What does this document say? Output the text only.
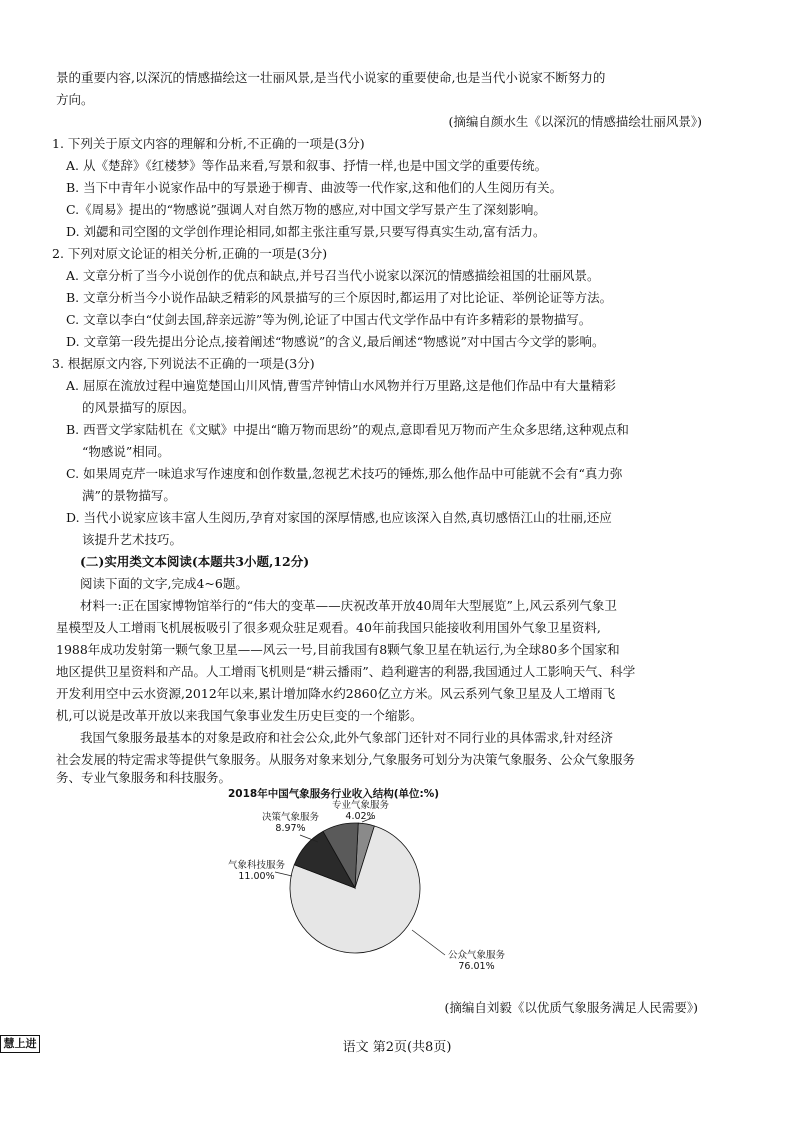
景的重要内容,以深沉的情感描绘这一壮丽风景,是当代小说家的重要使命,也是当代小说家不断努力的
方向。
(摘编自颜水生《以深沉的情感描绘壮丽风景》)
1. 下列关于原文内容的理解和分析,不正确的一项是(3分)
A. 从《楚辞》《红楼梦》等作品来看,写景和叙事、抒情一样,也是中国文学的重要传统。
B. 当下中青年小说家作品中的写景逊于柳青、曲波等一代作家,这和他们的人生阅历有关。
C.《周易》提出的“物感说”强调人对自然万物的感应,对中国文学写景产生了深刻影响。
D. 刘勰和司空图的文学创作理论相同,如都主张注重写景,只要写得真实生动,富有活力。
2. 下列对原文论证的相关分析,正确的一项是(3分)
A. 文章分析了当今小说创作的优点和缺点,并号召当代小说家以深沉的情感描绘祖国的壮丽风景。
B. 文章分析当今小说作品缺乏精彩的风景描写的三个原因时,都运用了对比论证、举例论证等方法。
C. 文章以李白“仗剑去国,辞亲远游”等为例,论证了中国古代文学作品中有许多精彩的景物描写。
D. 文章第一段先提出分论点,接着阐述“物感说”的含义,最后阐述“物感说”对中国古今文学的影响。
3. 根据原文内容,下列说法不正确的一项是(3分)
A. 屈原在流放过程中遍览楚国山川风情,曹雪芹钟情山水风物并行万里路,这是他们作品中有大量精彩
的风景描写的原因。
B. 西晋文学家陆机在《文赋》中提出“瞻万物而思纷”的观点,意即看见万物而产生众多思绪,这种观点和
“物感说”相同。
C. 如果周克芹一味追求写作速度和创作数量,忽视艺术技巧的锤炼,那么他作品中可能就不会有“真力弥
满”的景物描写。
D. 当代小说家应该丰富人生阅历,孕育对家国的深厚情感,也应该深入自然,真切感悟江山的壮丽,还应
该提升艺术技巧。
(二)实用类文本阅读(本题共3小题,12分)
阅读下面的文字,完成4~6题。
材料一:正在国家博物馆举行的“伟大的变革——庆祝改革开放40周年大型展览”上,风云系列气象卫
星模型及人工增雨飞机展板吸引了很多观众驻足观看。40年前我国只能接收利用国外气象卫星资料,
1988年成功发射第一颗气象卫星——风云一号,目前我国有8颗气象卫星在轨运行,为全球80多个国家和
地区提供卫星资料和产品。人工增雨飞机则是“耕云播雨”、趋利避害的利器,我国通过人工影响天气、科学
开发利用空中云水资源,2012年以来,累计增加降水约2860亿立方米。风云系列气象卫星及人工增雨飞
机,可以说是改革开放以来我国气象事业发生历史巨变的一个缩影。
我国气象服务最基本的对象是政府和社会公众,此外气象部门还针对不同行业的具体需求,针对经济
社会发展的特定需求等提供气象服务。从服务对象来划分,气象服务可划分为决策气象服务、公众气象服务
务、专业气象服务和科技服务。
2018年中国气象服务行业收入结构(单位:%)
专业气象服务
4.02%
决策气象服务
8.97%
气象科技服务
11.00%
公众气象服务
76.01%
(摘编自刘毅《以优质气象服务满足人民需要》)
慧上进	语文 第2页(共8页)
